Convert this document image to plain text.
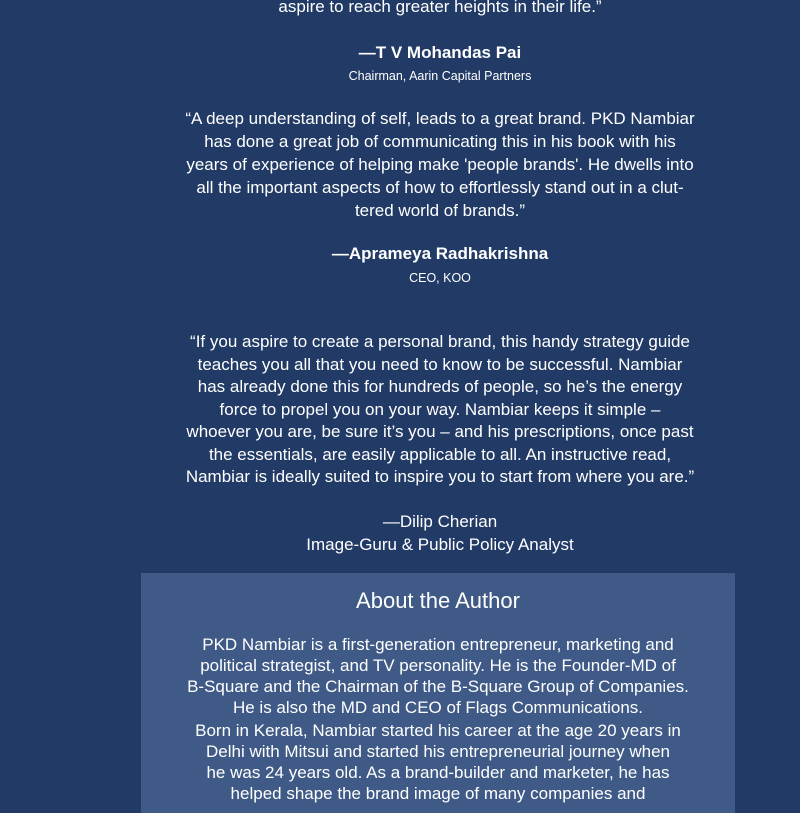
aspire to reach greater heights in their life.”
—T V Mohandas Pai
Chairman, Aarin Capital Partners
“A deep understanding of self, leads to a great brand. PKD Nambiar
has done a great job of communicating this in his book with his
years of experience of helping make 'people brands'. He dwells into
all the important aspects of how to effortlessly stand out in a clut-
tered world of brands.”
—Aprameya Radhakrishna
CEO, KOO
“If you aspire to create a personal brand, this handy strategy guide
teaches you all that you need to know to be successful. Nambiar
has already done this for hundreds of people, so he’s the energy
force to propel you on your way. Nambiar keeps it simple –
whoever you are, be sure it’s you – and his prescriptions, once past
the essentials, are easily applicable to all. An instructive read,
Nambiar is ideally suited to inspire you to start from where you are.”
—Dilip Cherian
Image-Guru & Public Policy Analyst
About the Author
PKD Nambiar is a first-generation entrepreneur, marketing and
political strategist, and TV personality. He is the Founder-MD of
B-Square and the Chairman of the B-Square Group of Companies.
He is also the MD and CEO of Flags Communications.
Born in Kerala, Nambiar started his career at the age 20 years in
Delhi with Mitsui and started his entrepreneurial journey when
he was 24 years old. As a brand-builder and marketer, he has
helped shape the brand image of many companies and
